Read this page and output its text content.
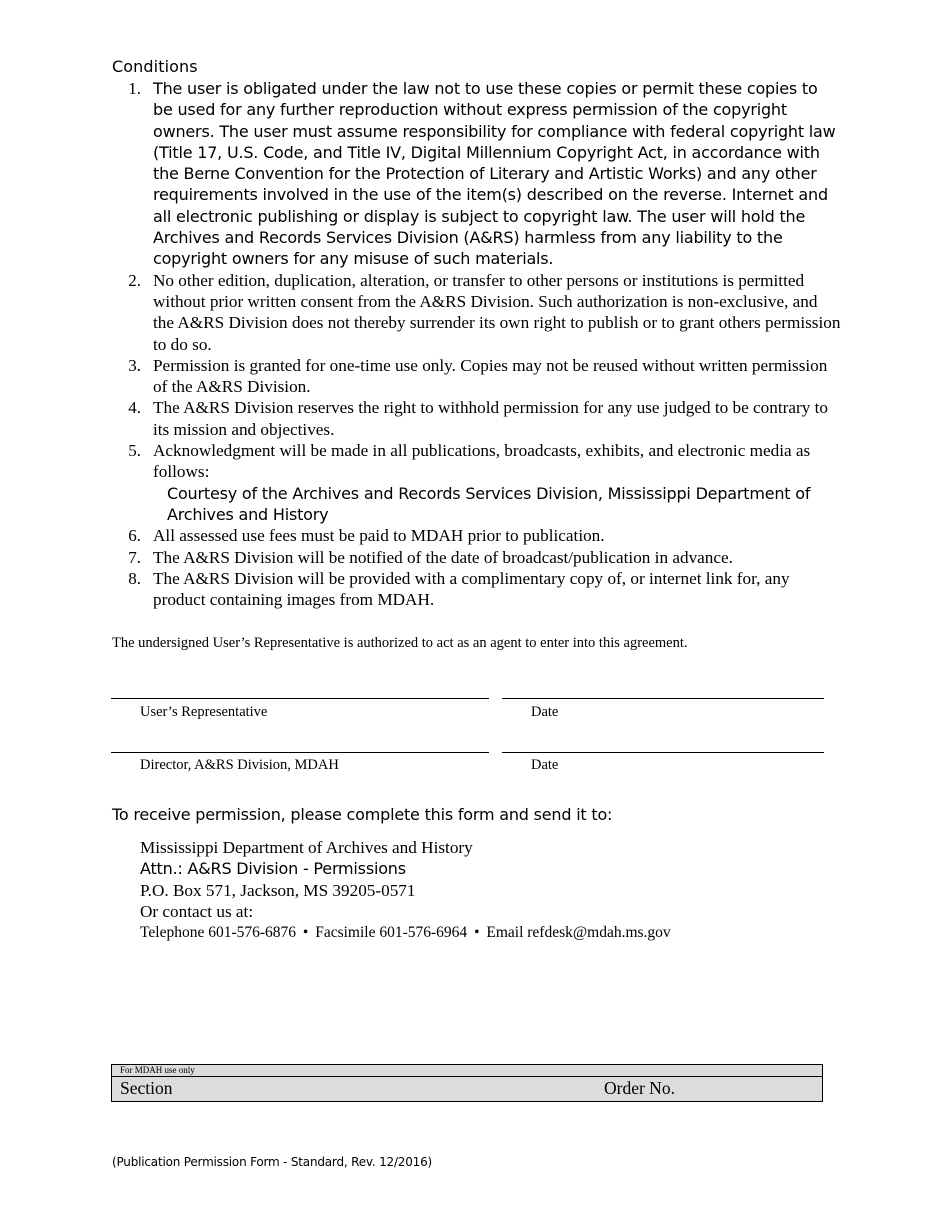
Conditions
1. The user is obligated under the law not to use these copies or permit these copies to be used for any further reproduction without express permission of the copyright owners. The user must assume responsibility for compliance with federal copyright law (Title 17, U.S. Code, and Title IV, Digital Millennium Copyright Act, in accordance with the Berne Convention for the Protection of Literary and Artistic Works) and any other requirements involved in the use of the item(s) described on the reverse. Internet and all electronic publishing or display is subject to copyright law. The user will hold the Archives and Records Services Division (A&RS) harmless from any liability to the copyright owners for any misuse of such materials.
2. No other edition, duplication, alteration, or transfer to other persons or institutions is permitted without prior written consent from the A&RS Division. Such authorization is non-exclusive, and the A&RS Division does not thereby surrender its own right to publish or to grant others permission to do so.
3. Permission is granted for one-time use only. Copies may not be reused without written permission of the A&RS Division.
4. The A&RS Division reserves the right to withhold permission for any use judged to be contrary to its mission and objectives.
5. Acknowledgment will be made in all publications, broadcasts, exhibits, and electronic media as follows:
Courtesy of the Archives and Records Services Division, Mississippi Department of Archives and History
6. All assessed use fees must be paid to MDAH prior to publication.
7. The A&RS Division will be notified of the date of broadcast/publication in advance.
8. The A&RS Division will be provided with a complimentary copy of, or internet link for, any product containing images from MDAH.
The undersigned User’s Representative is authorized to act as an agent to enter into this agreement.
User’s Representative	Date
Director, A&RS Division, MDAH	Date
To receive permission, please complete this form and send it to:
Mississippi Department of Archives and History
Attn.: A&RS Division - Permissions
P.O. Box 571, Jackson, MS 39205-0571
Or contact us at:
Telephone 601-576-6876 • Facsimile 601-576-6964 • Email refdesk@mdah.ms.gov
For MDAH use only
Section	Order No.
(Publication Permission Form - Standard, Rev. 12/2016)
